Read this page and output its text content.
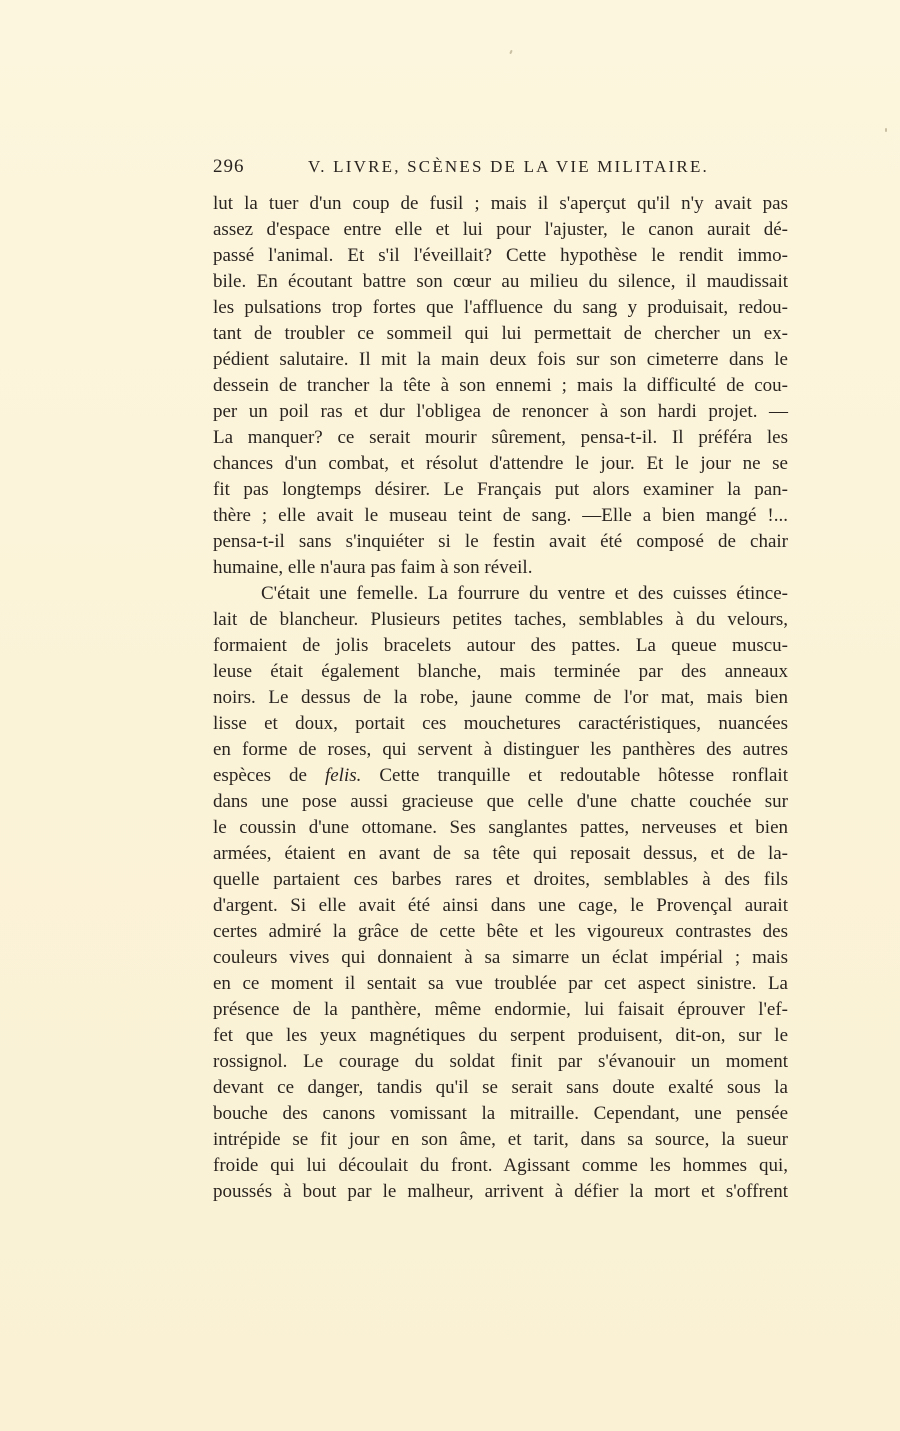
296	V. LIVRE, SCÈNES DE LA VIE MILITAIRE.
lut la tuer d'un coup de fusil ; mais il s'aperçut qu'il n'y avait pas
assez d'espace entre elle et lui pour l'ajuster, le canon aurait dé-
passé l'animal. Et s'il l'éveillait? Cette hypothèse le rendit immo-
bile. En écoutant battre son cœur au milieu du silence, il maudissait
les pulsations trop fortes que l'affluence du sang y produisait, redou-
tant de troubler ce sommeil qui lui permettait de chercher un ex-
pédient salutaire. Il mit la main deux fois sur son cimeterre dans le
dessein de trancher la tête à son ennemi ; mais la difficulté de cou-
per un poil ras et dur l'obligea de renoncer à son hardi projet. —
La manquer? ce serait mourir sûrement, pensa-t-il. Il préféra les
chances d'un combat, et résolut d'attendre le jour. Et le jour ne se
fit pas longtemps désirer. Le Français put alors examiner la pan-
thère ; elle avait le museau teint de sang. —Elle a bien mangé !...
pensa-t-il sans s'inquiéter si le festin avait été composé de chair
humaine, elle n'aura pas faim à son réveil.
C'était une femelle. La fourrure du ventre et des cuisses étince-
lait de blancheur. Plusieurs petites taches, semblables à du velours,
formaient de jolis bracelets autour des pattes. La queue muscu-
leuse était également blanche, mais terminée par des anneaux
noirs. Le dessus de la robe, jaune comme de l'or mat, mais bien
lisse et doux, portait ces mouchetures caractéristiques, nuancées
en forme de roses, qui servent à distinguer les panthères des autres
espèces de felis. Cette tranquille et redoutable hôtesse ronflait
dans une pose aussi gracieuse que celle d'une chatte couchée sur
le coussin d'une ottomane. Ses sanglantes pattes, nerveuses et bien
armées, étaient en avant de sa tête qui reposait dessus, et de la-
quelle partaient ces barbes rares et droites, semblables à des fils
d'argent. Si elle avait été ainsi dans une cage, le Provençal aurait
certes admiré la grâce de cette bête et les vigoureux contrastes des
couleurs vives qui donnaient à sa simarre un éclat impérial ; mais
en ce moment il sentait sa vue troublée par cet aspect sinistre. La
présence de la panthère, même endormie, lui faisait éprouver l'ef-
fet que les yeux magnétiques du serpent produisent, dit-on, sur le
rossignol. Le courage du soldat finit par s'évanouir un moment
devant ce danger, tandis qu'il se serait sans doute exalté sous la
bouche des canons vomissant la mitraille. Cependant, une pensée
intrépide se fit jour en son âme, et tarit, dans sa source, la sueur
froide qui lui découlait du front. Agissant comme les hommes qui,
poussés à bout par le malheur, arrivent à défier la mort et s'offrent
